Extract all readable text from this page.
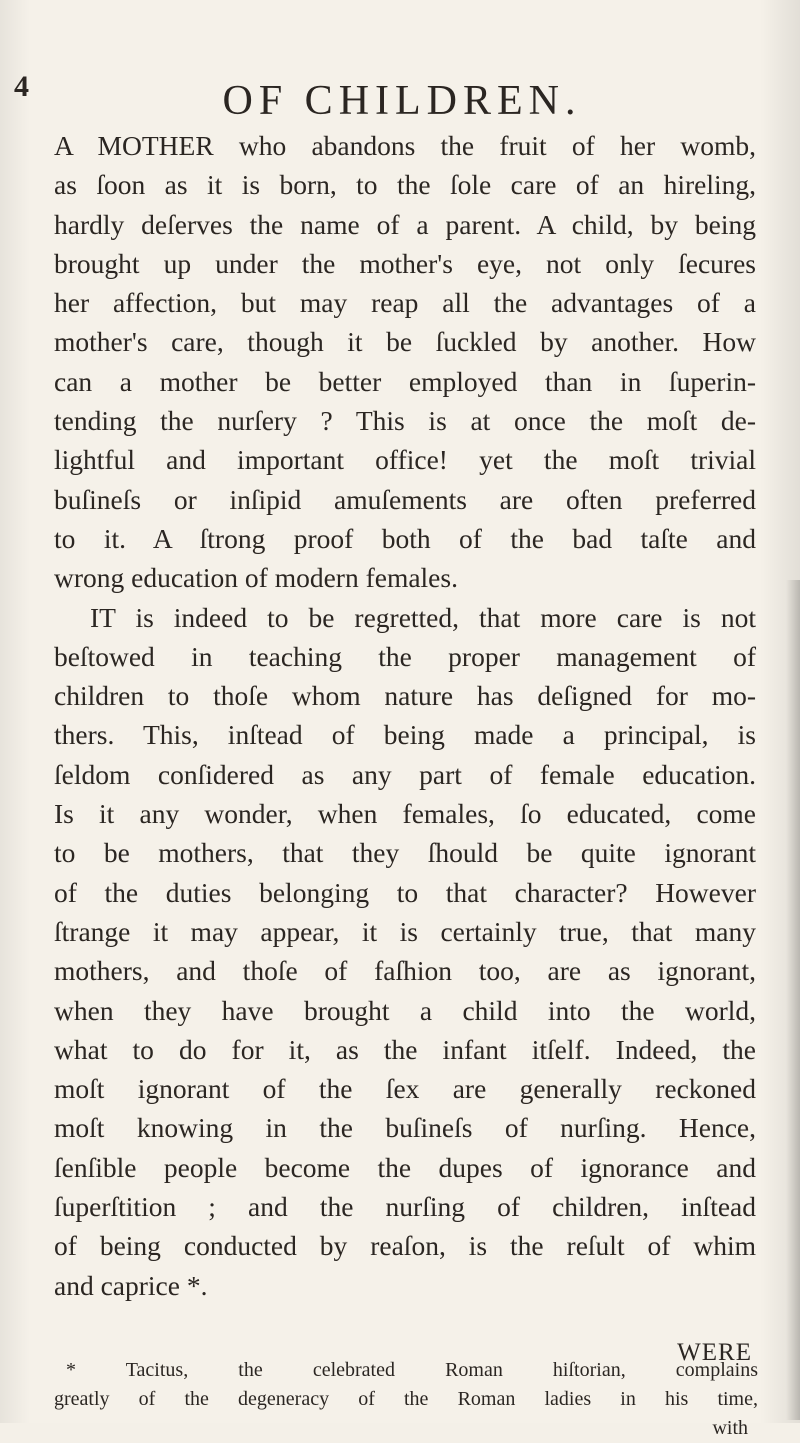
4	OF CHILDREN.
A MOTHER who abandons the fruit of her womb,
as ſoon as it is born, to the ſole care of an hireling,
hardly deſerves the name of a parent. A child, by being
brought up under the mother's eye, not only ſecures
her affection, but may reap all the advantages of a
mother's care, though it be ſuckled by another. How
can a mother be better employed than in ſuperin-
tending the nurſery ? This is at once the moſt de-
lightful and important office! yet the moſt trivial
buſineſs or inſipid amuſements are often preferred
to it. A ſtrong proof both of the bad taſte and
wrong education of modern females.
IT is indeed to be regretted, that more care is not
beſtowed in teaching the proper management of
children to thoſe whom nature has deſigned for mo-
thers. This, inſtead of being made a principal, is
ſeldom conſidered as any part of female education.
Is it any wonder, when females, ſo educated, come
to be mothers, that they ſhould be quite ignorant
of the duties belonging to that character? However
ſtrange it may appear, it is certainly true, that many
mothers, and thoſe of faſhion too, are as ignorant,
when they have brought a child into the world,
what to do for it, as the infant itſelf. Indeed, the
moſt ignorant of the ſex are generally reckoned
moſt knowing in the buſineſs of nurſing. Hence,
ſenſible people become the dupes of ignorance and
ſuperſtition ; and the nurſing of children, inſtead
of being conducted by reaſon, is the reſult of whim
and caprice *.
WERE
* Tacitus, the celebrated Roman hiſtorian, complains
greatly of the degeneracy of the Roman ladies in his time,
with
